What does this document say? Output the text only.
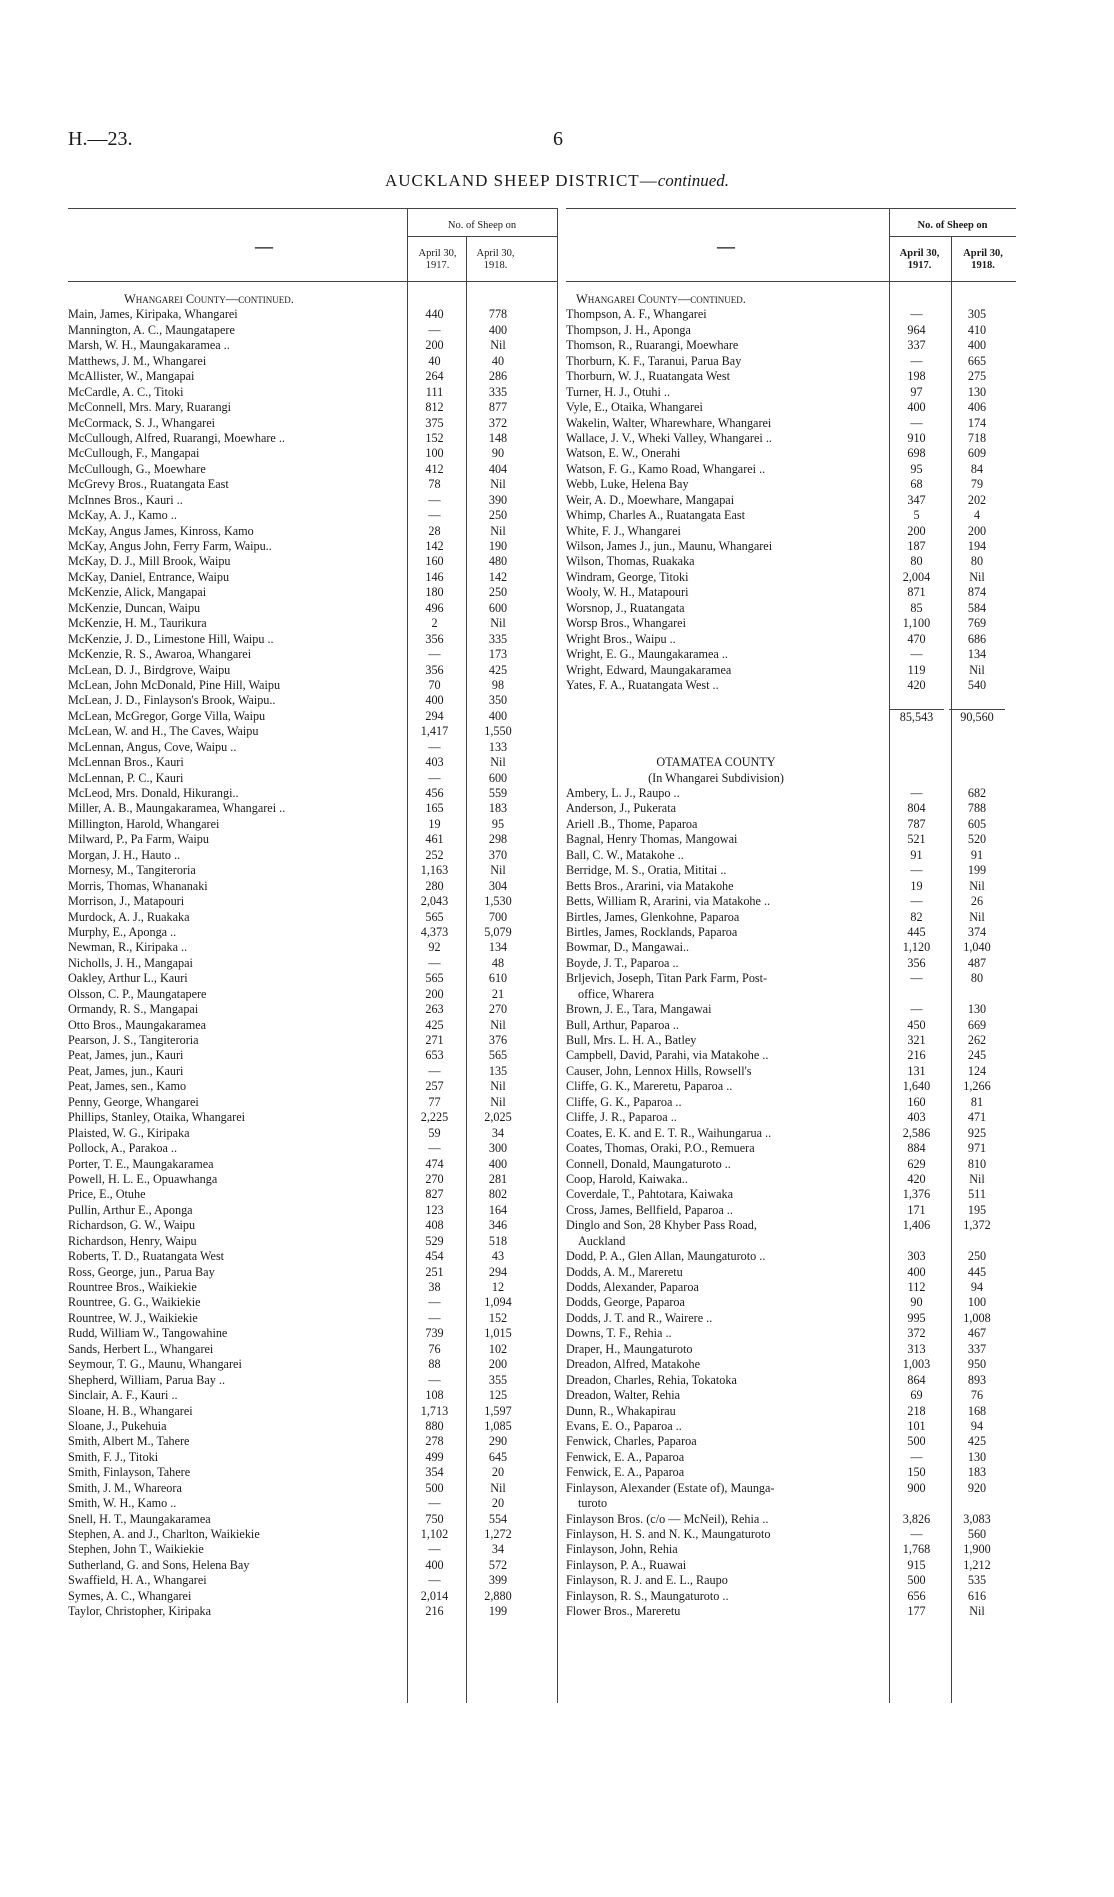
H.—23.	6
AUCKLAND SHEEP DISTRICT—continued.
—	—
No. of Sheep on
April 30, 1917.
April 30, 1918.
No. of Sheep on
April 30, 1917.
April 30, 1918.
Whangarei County—continued.
Main, James, Kiripaka, Whangarei	440	778
Mannington, A. C., Maungatapere	—	400
Marsh, W. H., Maungakaramea ..	200	Nil
Matthews, J. M., Whangarei	40	40
McAllister, W., Mangapai	264	286
McCardle, A. C., Titoki	111	335
McConnell, Mrs. Mary, Ruarangi	812	877
McCormack, S. J., Whangarei	375	372
McCullough, Alfred, Ruarangi, Moewhare ..	152	148
McCullough, F., Mangapai	100	90
McCullough, G., Moewhare	412	404
McGrevy Bros., Ruatangata East	78	Nil
McInnes Bros., Kauri ..	—	390
McKay, A. J., Kamo ..	—	250
McKay, Angus James, Kinross, Kamo	28	Nil
McKay, Angus John, Ferry Farm, Waipu..	142	190
McKay, D. J., Mill Brook, Waipu	160	480
McKay, Daniel, Entrance, Waipu	146	142
McKenzie, Alick, Mangapai	180	250
McKenzie, Duncan, Waipu	496	600
McKenzie, H. M., Taurikura	2	Nil
McKenzie, J. D., Limestone Hill, Waipu ..	356	335
McKenzie, R. S., Awaroa, Whangarei	—	173
McLean, D. J., Birdgrove, Waipu	356	425
McLean, John McDonald, Pine Hill, Waipu	70	98
McLean, J. D., Finlayson's Brook, Waipu..	400	350
McLean, McGregor, Gorge Villa, Waipu	294	400
McLean, W. and H., The Caves, Waipu	1,417	1,550
McLennan, Angus, Cove, Waipu ..	—	133
McLennan Bros., Kauri	403	Nil
McLennan, P. C., Kauri	—	600
McLeod, Mrs. Donald, Hikurangi..	456	559
Miller, A. B., Maungakaramea, Whangarei ..	165	183
Millington, Harold, Whangarei	19	95
Milward, P., Pa Farm, Waipu	461	298
Morgan, J. H., Hauto ..	252	370
Mornesy, M., Tangiteroria	1,163	Nil
Morris, Thomas, Whananaki	280	304
Morrison, J., Matapouri	2,043	1,530
Murdock, A. J., Ruakaka	565	700
Murphy, E., Aponga ..	4,373	5,079
Newman, R., Kiripaka ..	92	134
Nicholls, J. H., Mangapai	—	48
Oakley, Arthur L., Kauri	565	610
Olsson, C. P., Maungatapere	200	21
Ormandy, R. S., Mangapai	263	270
Otto Bros., Maungakaramea	425	Nil
Pearson, J. S., Tangiteroria	271	376
Peat, James, jun., Kauri	653	565
Peat, James, jun., Kauri	—	135
Peat, James, sen., Kamo	257	Nil
Penny, George, Whangarei	77	Nil
Phillips, Stanley, Otaika, Whangarei	2,225	2,025
Plaisted, W. G., Kiripaka	59	34
Pollock, A., Parakoa ..	—	300
Porter, T. E., Maungakaramea	474	400
Powell, H. L. E., Opuawhanga	270	281
Price, E., Otuhe	827	802
Pullin, Arthur E., Aponga	123	164
Richardson, G. W., Waipu	408	346
Richardson, Henry, Waipu	529	518
Roberts, T. D., Ruatangata West	454	43
Ross, George, jun., Parua Bay	251	294
Rountree Bros., Waikiekie	38	12
Rountree, G. G., Waikiekie	—	1,094
Rountree, W. J., Waikiekie	—	152
Rudd, William W., Tangowahine	739	1,015
Sands, Herbert L., Whangarei	76	102
Seymour, T. G., Maunu, Whangarei	88	200
Shepherd, William, Parua Bay ..	—	355
Sinclair, A. F., Kauri ..	108	125
Sloane, H. B., Whangarei	1,713	1,597
Sloane, J., Pukehuia	880	1,085
Smith, Albert M., Tahere	278	290
Smith, F. J., Titoki	499	645
Smith, Finlayson, Tahere	354	20
Smith, J. M., Whareora	500	Nil
Smith, W. H., Kamo ..	—	20
Snell, H. T., Maungakaramea	750	554
Stephen, A. and J., Charlton, Waikiekie	1,102	1,272
Stephen, John T., Waikiekie	—	34
Sutherland, G. and Sons, Helena Bay	400	572
Swaffield, H. A., Whangarei	—	399
Symes, A. C., Whangarei	2,014	2,880
Taylor, Christopher, Kiripaka	216	199
Whangarei County—continued.
Thompson, A. F., Whangarei	—	305
Thompson, J. H., Aponga	964	410
Thomson, R., Ruarangi, Moewhare	337	400
Thorburn, K. F., Taranui, Parua Bay	—	665
Thorburn, W. J., Ruatangata West	198	275
Turner, H. J., Otuhi ..	97	130
Vyle, E., Otaika, Whangarei	400	406
Wakelin, Walter, Wharewhare, Whangarei	—	174
Wallace, J. V., Wheki Valley, Whangarei ..	910	718
Watson, E. W., Onerahi	698	609
Watson, F. G., Kamo Road, Whangarei ..	95	84
Webb, Luke, Helena Bay	68	79
Weir, A. D., Moewhare, Mangapai	347	202
Whimp, Charles A., Ruatangata East	5	4
White, F. J., Whangarei	200	200
Wilson, James J., jun., Maunu, Whangarei	187	194
Wilson, Thomas, Ruakaka	80	80
Windram, George, Titoki	2,004	Nil
Wooly, W. H., Matapouri	871	874
Worsnop, J., Ruatangata	85	584
Worsp Bros., Whangarei	1,100	769
Wright Bros., Waipu ..	470	686
Wright, E. G., Maungakaramea ..	—	134
Wright, Edward, Maungakaramea	119	Nil
Yates, F. A., Ruatangata West ..	420	540
85,543	90,560
OTAMATEA COUNTY
(In Whangarei Subdivision)
Ambery, L. J., Raupo ..	—	682
Anderson, J., Pukerata	804	788
Ariell .B., Thome, Paparoa	787	605
Bagnal, Henry Thomas, Mangowai	521	520
Ball, C. W., Matakohe ..	91	91
Berridge, M. S., Oratia, Mititai ..	—	199
Betts Bros., Ararini, via Matakohe	19	Nil
Betts, William R, Ararini, via Matakohe ..	—	26
Birtles, James, Glenkohne, Paparoa	82	Nil
Birtles, James, Rocklands, Paparoa	445	374
Bowmar, D., Mangawai..	1,120	1,040
Boyde, J. T., Paparoa ..	356	487
Brljevich, Joseph, Titan Park Farm, Post-	—	80
office, Wharera
Brown, J. E., Tara, Mangawai	—	130
Bull, Arthur, Paparoa ..	450	669
Bull, Mrs. L. H. A., Batley	321	262
Campbell, David, Parahi, via Matakohe ..	216	245
Causer, John, Lennox Hills, Rowsell's	131	124
Cliffe, G. K., Mareretu, Paparoa ..	1,640	1,266
Cliffe, G. K., Paparoa ..	160	81
Cliffe, J. R., Paparoa ..	403	471
Coates, E. K. and E. T. R., Waihungarua ..	2,586	925
Coates, Thomas, Oraki, P.O., Remuera	884	971
Connell, Donald, Maungaturoto ..	629	810
Coop, Harold, Kaiwaka..	420	Nil
Coverdale, T., Pahtotara, Kaiwaka	1,376	511
Cross, James, Bellfield, Paparoa ..	171	195
Dinglo and Son, 28 Khyber Pass Road,	1,406	1,372
Auckland
Dodd, P. A., Glen Allan, Maungaturoto ..	303	250
Dodds, A. M., Mareretu	400	445
Dodds, Alexander, Paparoa	112	94
Dodds, George, Paparoa	90	100
Dodds, J. T. and R., Wairere ..	995	1,008
Downs, T. F., Rehia ..	372	467
Draper, H., Maungaturoto	313	337
Dreadon, Alfred, Matakohe	1,003	950
Dreadon, Charles, Rehia, Tokatoka	864	893
Dreadon, Walter, Rehia	69	76
Dunn, R., Whakapirau	218	168
Evans, E. O., Paparoa ..	101	94
Fenwick, Charles, Paparoa	500	425
Fenwick, E. A., Paparoa	—	130
Fenwick, E. A., Paparoa	150	183
Finlayson, Alexander (Estate of), Maunga-	900	920
turoto
Finlayson Bros. (c/o — McNeil), Rehia ..	3,826	3,083
Finlayson, H. S. and N. K., Maungaturoto	—	560
Finlayson, John, Rehia	1,768	1,900
Finlayson, P. A., Ruawai	915	1,212
Finlayson, R. J. and E. L., Raupo	500	535
Finlayson, R. S., Maungaturoto ..	656	616
Flower Bros., Mareretu	177	Nil
